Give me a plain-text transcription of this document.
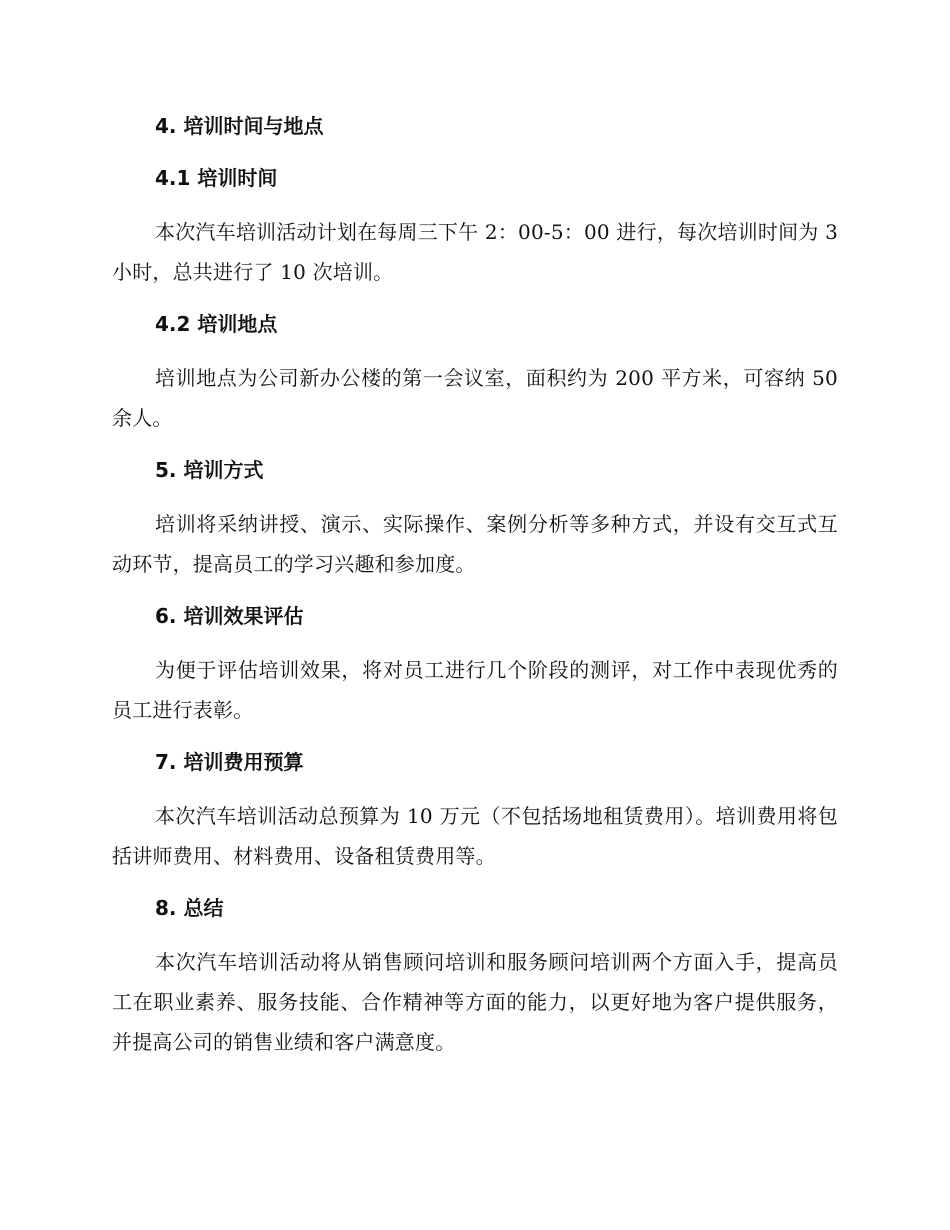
4. 培训时间与地点
4.1 培训时间

本次汽车培训活动计划在每周三下午 2：00-5：00 进行，每次培训时间为 3 小时，总共进行了 10 次培训。

4.2 培训地点

培训地点为公司新办公楼的第一会议室，面积约为 200 平方米，可容纳 50 余人。

5. 培训方式

培训将采纳讲授、演示、实际操作、案例分析等多种方式，并设有交互式互动环节，提高员工的学习兴趣和参加度。

6. 培训效果评估

为便于评估培训效果，将对员工进行几个阶段的测评，对工作中表现优秀的员工进行表彰。

7. 培训费用预算

本次汽车培训活动总预算为 10 万元（不包括场地租赁费用）。培训费用将包括讲师费用、材料费用、设备租赁费用等。

8. 总结

本次汽车培训活动将从销售顾问培训和服务顾问培训两个方面入手，提高员工在职业素养、服务技能、合作精神等方面的能力，以更好地为客户提供服务，并提高公司的销售业绩和客户满意度。
